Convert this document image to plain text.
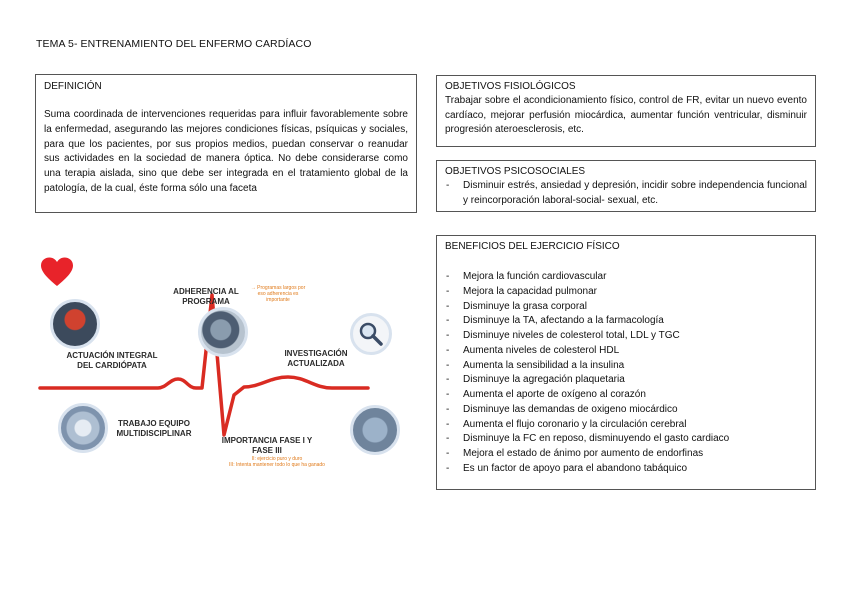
TEMA 5- ENTRENAMIENTO DEL ENFERMO CARDÍACO
DEFINICIÓN

Suma coordinada de intervenciones requeridas para influir favorablemente sobre la enfermedad, asegurando las mejores condiciones físicas, psíquicas y sociales, para que los pacientes, por sus propios medios, puedan conservar o reanudar sus actividades en la sociedad de manera óptica. No debe considerarse como una terapia aislada, sino que debe ser integrada en el tratamiento global de la patología, de la cual, éste forma sólo una faceta

OBJETIVOS FISIOLÓGICOS

Trabajar sobre el acondicionamiento físico, control de FR, evitar un nuevo evento cardíaco, mejorar perfusión miocárdica, aumentar función ventricular, disminuir progresión ateroesclerosis, etc.

OBJETIVOS PSICOSOCIALES
- Disminuir estrés, ansiedad y depresión, incidir sobre independencia funcional y reincorporación laboral-social- sexual, etc.
BENEFICIOS DEL EJERCICIO FÍSICO
- Mejora la función cardiovascular
- Mejora la capacidad pulmonar
- Disminuye la grasa corporal
- Disminuye la TA, afectando a la farmacología
- Disminuye niveles de colesterol total, LDL y TGC
- Aumenta niveles de colesterol HDL
- Aumenta la sensibilidad a la insulina
- Disminuye la agregación plaquetaria
- Aumenta el aporte de oxígeno al corazón
- Disminuye las demandas de oxigeno miocárdico
- Aumenta el flujo coronario y la circulación cerebral
- Disminuye la FC en reposo, disminuyendo el gasto cardiaco
- Mejora el estado de ánimo por aumento de endorfinas
- Es un factor de apoyo para el abandono tabáquico
ADHERENCIA AL
PROGRAMA
→ Programas largos por
eso adherencia es
importante
ACTUACIÓN INTEGRAL
DEL CARDIÓPATA
INVESTIGACIÓN
ACTUALIZADA
TRABAJO EQUIPO
MULTIDISCIPLINAR
IMPORTANCIA FASE I Y
FASE III
II: ejercicio puro y duro
III: Intenta mantener todo lo que ha ganado
